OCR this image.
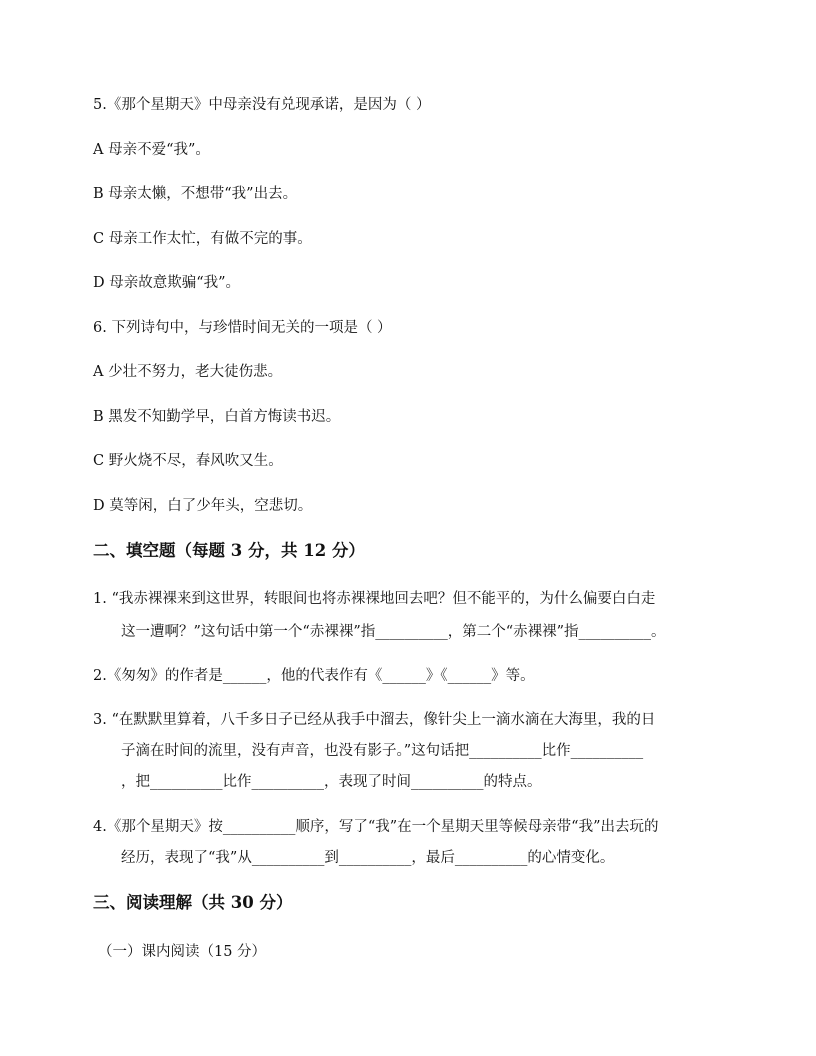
5.《那个星期天》中母亲没有兑现承诺，是因为（ ）
A 母亲不爱“我”。
B 母亲太懒，不想带“我”出去。
C 母亲工作太忙，有做不完的事。
D 母亲故意欺骗“我”。
6. 下列诗句中，与珍惜时间无关的一项是（ ）
A 少壮不努力，老大徒伤悲。
B 黑发不知勤学早，白首方悔读书迟。
C 野火烧不尽，春风吹又生。
D 莫等闲，白了少年头，空悲切。
二、填空题（每题 3 分，共 12 分）
1. “我赤裸裸来到这世界，转眼间也将赤裸裸地回去吧？但不能平的，为什么偏要白白走
这一遭啊？”这句话中第一个“赤裸裸”指__________，第二个“赤裸裸”指__________。
2.《匆匆》的作者是______，他的代表作有《______》《______》等。
3. “在默默里算着，八千多日子已经从我手中溜去，像针尖上一滴水滴在大海里，我的日
子滴在时间的流里，没有声音，也没有影子。”这句话把__________比作__________
，把__________比作__________，表现了时间__________的特点。
4.《那个星期天》按__________顺序，写了“我”在一个星期天里等候母亲带“我”出去玩的
经历，表现了“我”从__________到__________，最后__________的心情变化。
三、阅读理解（共 30 分）
（一）课内阅读（15 分）
